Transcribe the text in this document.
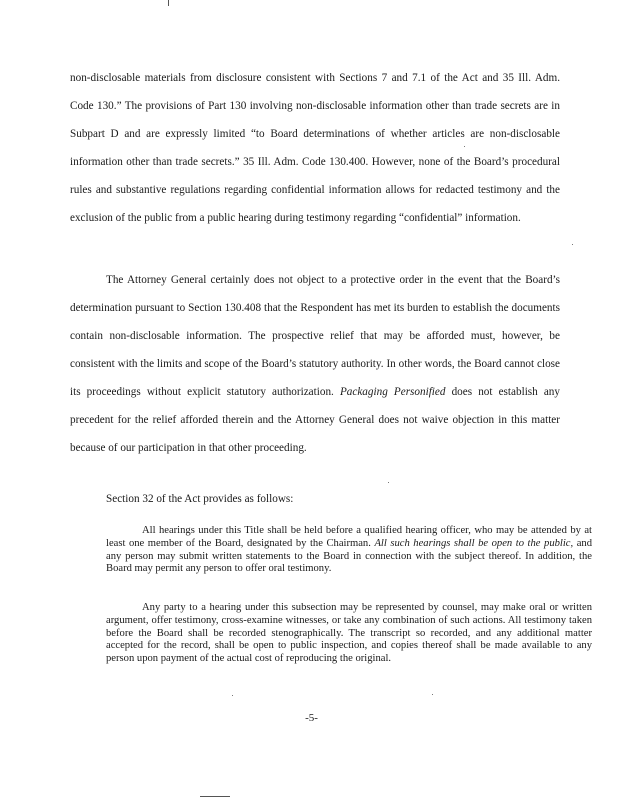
non-disclosable materials from disclosure consistent with Sections 7 and 7.1 of the Act and 35 Ill. Adm. Code 130.” The provisions of Part 130 involving non-disclosable information other than trade secrets are in Subpart D and are expressly limited “to Board determinations of whether articles are non-disclosable information other than trade secrets.” 35 Ill. Adm. Code 130.400. However, none of the Board’s procedural rules and substantive regulations regarding confidential information allows for redacted testimony and the exclusion of the public from a public hearing during testimony regarding “confidential” information.

The Attorney General certainly does not object to a protective order in the event that the Board’s determination pursuant to Section 130.408 that the Respondent has met its burden to establish the documents contain non-disclosable information. The prospective relief that may be afforded must, however, be consistent with the limits and scope of the Board’s statutory authority. In other words, the Board cannot close its proceedings without explicit statutory authorization. Packaging Personified does not establish any precedent for the relief afforded therein and the Attorney General does not waive objection in this matter because of our participation in that other proceeding.

Section 32 of the Act provides as follows:

All hearings under this Title shall be held before a qualified hearing officer, who may be attended by at least one member of the Board, designated by the Chairman. All such hearings shall be open to the public, and any person may submit written statements to the Board in connection with the subject thereof. In addition, the Board may permit any person to offer oral testimony.

Any party to a hearing under this subsection may be represented by counsel, may make oral or written argument, offer testimony, cross-examine witnesses, or take any combination of such actions. All testimony taken before the Board shall be recorded stenographically. The transcript so recorded, and any additional matter accepted for the record, shall be open to public inspection, and copies thereof shall be made available to any person upon payment of the actual cost of reproducing the original.

-5-
